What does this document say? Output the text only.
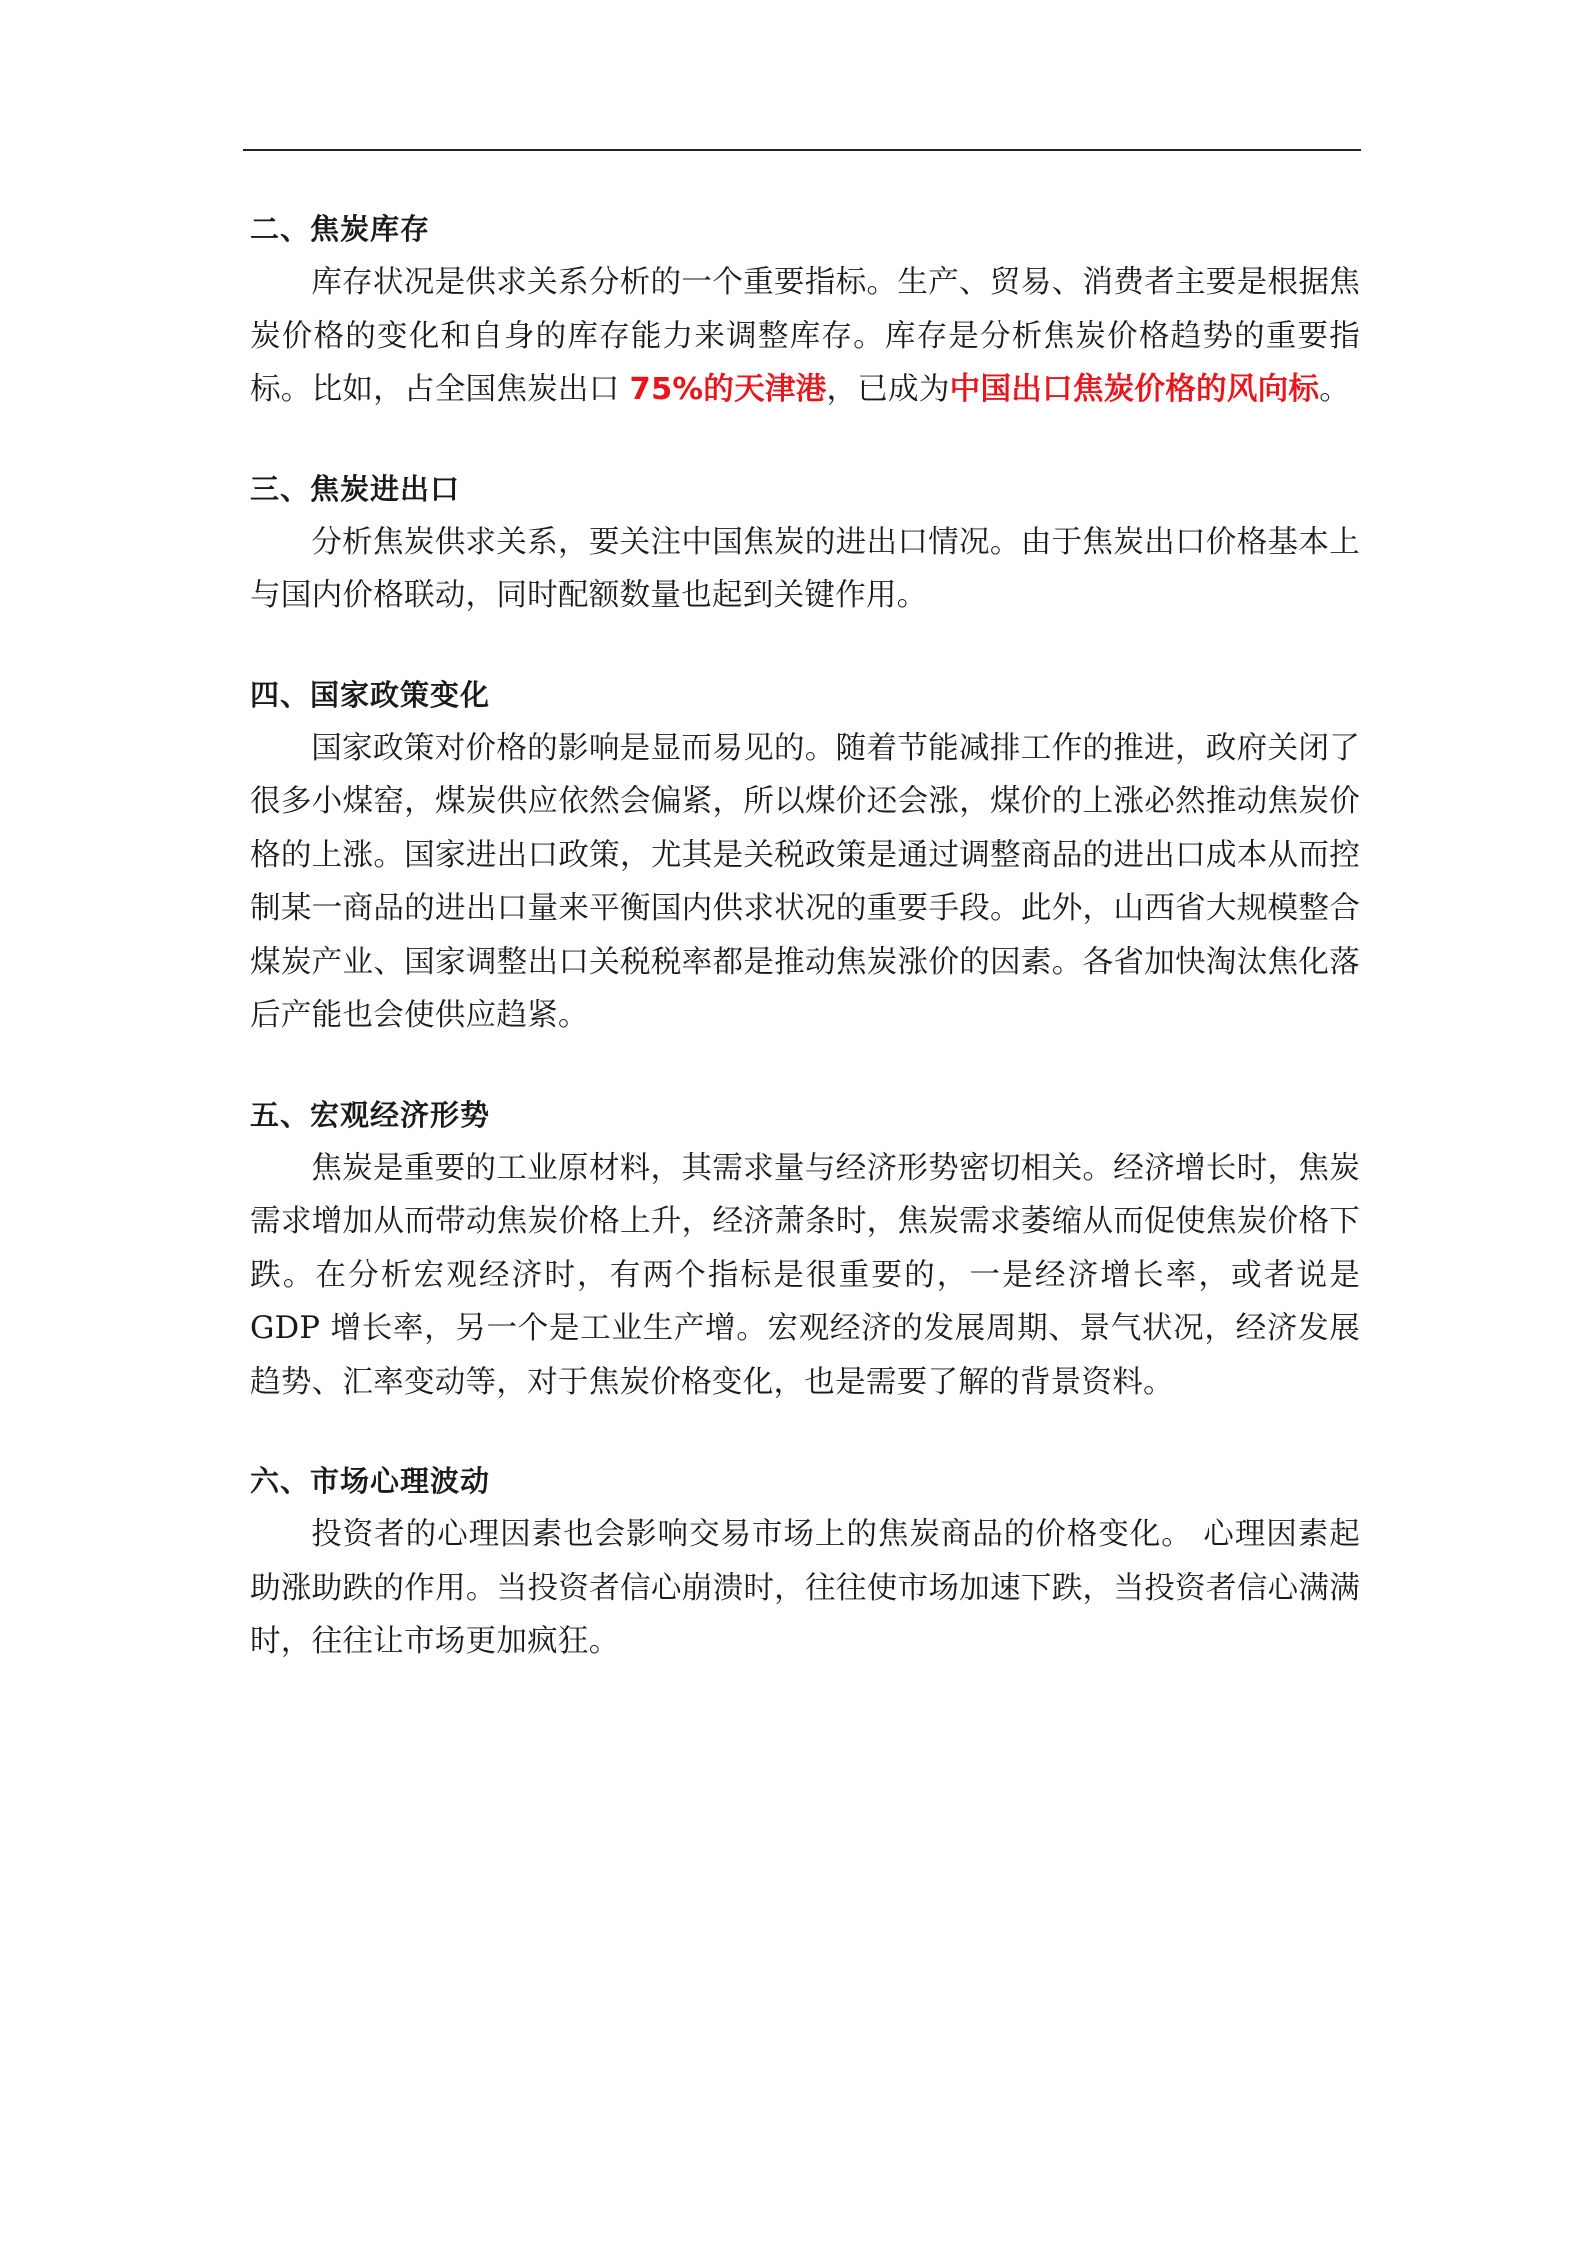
二、焦炭库存

库存状况是供求关系分析的一个重要指标。生产、贸易、消费者主要是根据焦炭价格的变化和自身的库存能力来调整库存。库存是分析焦炭价格趋势的重要指标。比如，占全国焦炭出口 75%的天津港，已成为中国出口焦炭价格的风向标。

三、焦炭进出口

分析焦炭供求关系，要关注中国焦炭的进出口情况。由于焦炭出口价格基本上与国内价格联动，同时配额数量也起到关键作用。

四、国家政策变化

国家政策对价格的影响是显而易见的。随着节能减排工作的推进，政府关闭了很多小煤窑，煤炭供应依然会偏紧，所以煤价还会涨，煤价的上涨必然推动焦炭价格的上涨。国家进出口政策，尤其是关税政策是通过调整商品的进出口成本从而控制某一商品的进出口量来平衡国内供求状况的重要手段。此外，山西省大规模整合煤炭产业、国家调整出口关税税率都是推动焦炭涨价的因素。各省加快淘汰焦化落后产能也会使供应趋紧。

五、宏观经济形势

焦炭是重要的工业原材料，其需求量与经济形势密切相关。经济增长时，焦炭需求增加从而带动焦炭价格上升，经济萧条时，焦炭需求萎缩从而促使焦炭价格下跌。在分析宏观经济时，有两个指标是很重要的，一是经济增长率，或者说是 GDP 增长率，另一个是工业生产增。宏观经济的发展周期、景气状况，经济发展趋势、汇率变动等，对于焦炭价格变化，也是需要了解的背景资料。

六、市场心理波动

投资者的心理因素也会影响交易市场上的焦炭商品的价格变化。 心理因素起助涨助跌的作用。当投资者信心崩溃时，往往使市场加速下跌，当投资者信心满满时，往往让市场更加疯狂。
